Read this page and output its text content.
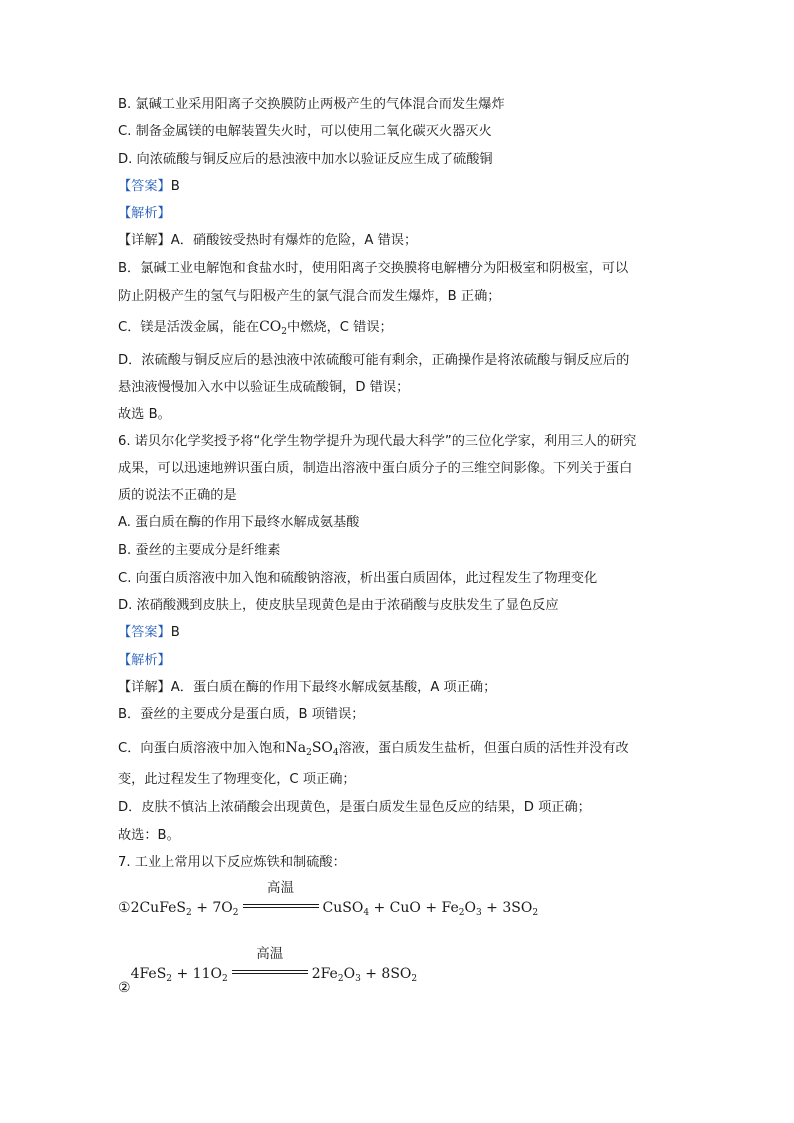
B. 氯碱工业采用阳离子交换膜防止两极产生的气体混合而发生爆炸
C. 制备金属镁的电解装置失火时，可以使用二氧化碳灭火器灭火
D. 向浓硫酸与铜反应后的悬浊液中加水以验证反应生成了硫酸铜
【答案】B
【解析】
【详解】A．硝酸铵受热时有爆炸的危险，A 错误；
B．氯碱工业电解饱和食盐水时，使用阳离子交换膜将电解槽分为阳极室和阴极室，可以
防止阴极产生的氢气与阳极产生的氯气混合而发生爆炸，B 正确；
C．镁是活泼金属，能在$CO_2$中燃烧，C 错误；
D．浓硫酸与铜反应后的悬浊液中浓硫酸可能有剩余，正确操作是将浓硫酸与铜反应后的
悬浊液慢慢加入水中以验证生成硫酸铜，D 错误；
故选 B。
6. 诺贝尔化学奖授予将“化学生物学提升为现代最大科学”的三位化学家，利用三人的研究
成果，可以迅速地辨识蛋白质，制造出溶液中蛋白质分子的三维空间影像。下列关于蛋白
质的说法不正确的是
A. 蛋白质在酶的作用下最终水解成氨基酸
B. 蚕丝的主要成分是纤维素
C. 向蛋白质溶液中加入饱和硫酸钠溶液，析出蛋白质固体，此过程发生了物理变化
D. 浓硝酸溅到皮肤上，使皮肤呈现黄色是由于浓硝酸与皮肤发生了显色反应
【答案】B
【解析】
【详解】A．蛋白质在酶的作用下最终水解成氨基酸，A 项正确；
B．蚕丝的主要成分是蛋白质，B 项错误；
C．向蛋白质溶液中加入饱和$Na_2SO_4$溶液，蛋白质发生盐析，但蛋白质的活性并没有改
变，此过程发生了物理变化，C 项正确；
D．皮肤不慎沾上浓硝酸会出现黄色，是蛋白质发生显色反应的结果，D 项正确；
故选：B。
7. 工业上常用以下反应炼铁和制硫酸：
①2CuFeS$_2$ + $7O_2$
高温
CuSO$_4$ + CuO + $Fe_2O_3 + 3SO_2$
②4FeS$_2$ + $11O_2$
高温
$2Fe_2O_3 + 8SO_2$
